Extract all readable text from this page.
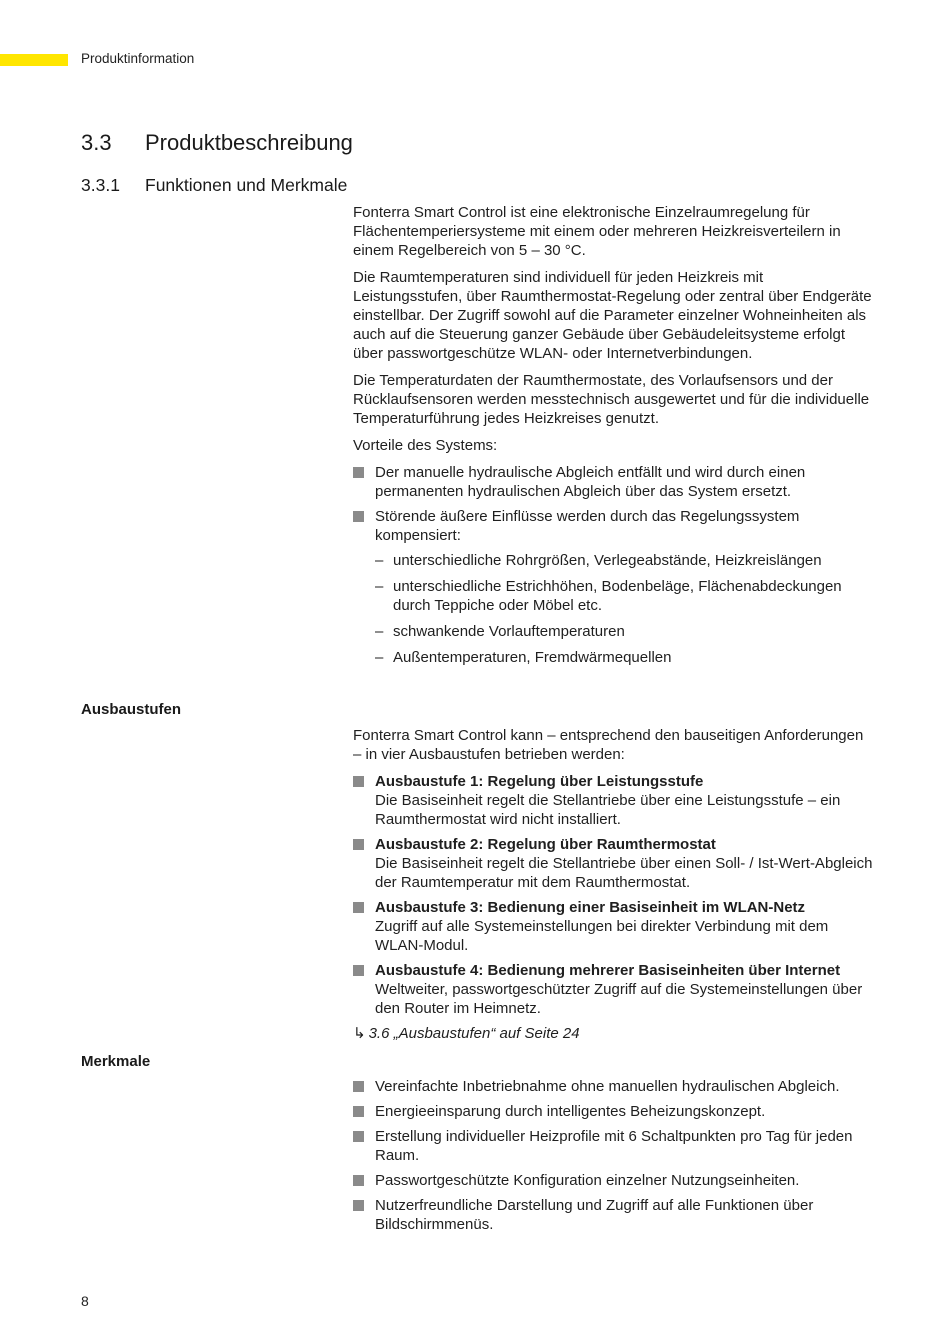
Produktinformation
3.3 Produktbeschreibung
3.3.1 Funktionen und Merkmale

Fonterra Smart Control ist eine elektronische Einzelraumregelung für Flächentemperiersysteme mit einem oder mehreren Heizkreisverteilern in einem Regelbereich von 5 – 30 °C.

Die Raumtemperaturen sind individuell für jeden Heizkreis mit Leistungsstufen, über Raumthermostat-Regelung oder zentral über Endgeräte einstellbar. Der Zugriff sowohl auf die Parameter einzelner Wohneinheiten als auch auf die Steuerung ganzer Gebäude über Gebäudeleitsysteme erfolgt über passwortgeschütze WLAN- oder Internetverbindungen.

Die Temperaturdaten der Raumthermostate, des Vorlaufsensors und der Rücklaufsensoren werden messtechnisch ausgewertet und für die individuelle Temperaturführung jedes Heizkreises genutzt.

Vorteile des Systems:

Der manuelle hydraulische Abgleich entfällt und wird durch einen permanenten hydraulischen Abgleich über das System ersetzt.
Störende äußere Einflüsse werden durch das Regelungssystem kompensiert:
– unterschiedliche Rohrgrößen, Verlegeabstände, Heizkreislängen
– unterschiedliche Estrichhöhen, Bodenbeläge, Flächenabdeckungen durch Teppiche oder Möbel etc.
– schwankende Vorlauftemperaturen
– Außentemperaturen, Fremdwärmequellen
Ausbaustufen

Fonterra Smart Control kann – entsprechend den bauseitigen Anforderungen – in vier Ausbaustufen betrieben werden:

Ausbaustufe 1: Regelung über Leistungsstufe
Die Basiseinheit regelt die Stellantriebe über eine Leistungsstufe – ein Raumthermostat wird nicht installiert.
Ausbaustufe 2: Regelung über Raumthermostat
Die Basiseinheit regelt die Stellantriebe über einen Soll- / Ist-Wert-Abgleich der Raumtemperatur mit dem Raumthermostat.
Ausbaustufe 3: Bedienung einer Basiseinheit im WLAN-Netz
Zugriff auf alle Systemeinstellungen bei direkter Verbindung mit dem WLAN-Modul.
Ausbaustufe 4: Bedienung mehrerer Basiseinheiten über Internet
Weltweiter, passwortgeschützter Zugriff auf die Systemeinstellungen über den Router im Heimnetz.
↳ 3.6 „Ausbaustufen“ auf Seite 24
Merkmale
Vereinfachte Inbetriebnahme ohne manuellen hydraulischen Abgleich.
Energieeinsparung durch intelligentes Beheizungskonzept.
Erstellung individueller Heizprofile mit 6 Schaltpunkten pro Tag für jeden Raum.
Passwortgeschützte Konfiguration einzelner Nutzungseinheiten.
Nutzerfreundliche Darstellung und Zugriff auf alle Funktionen über Bildschirmmenüs.
8
